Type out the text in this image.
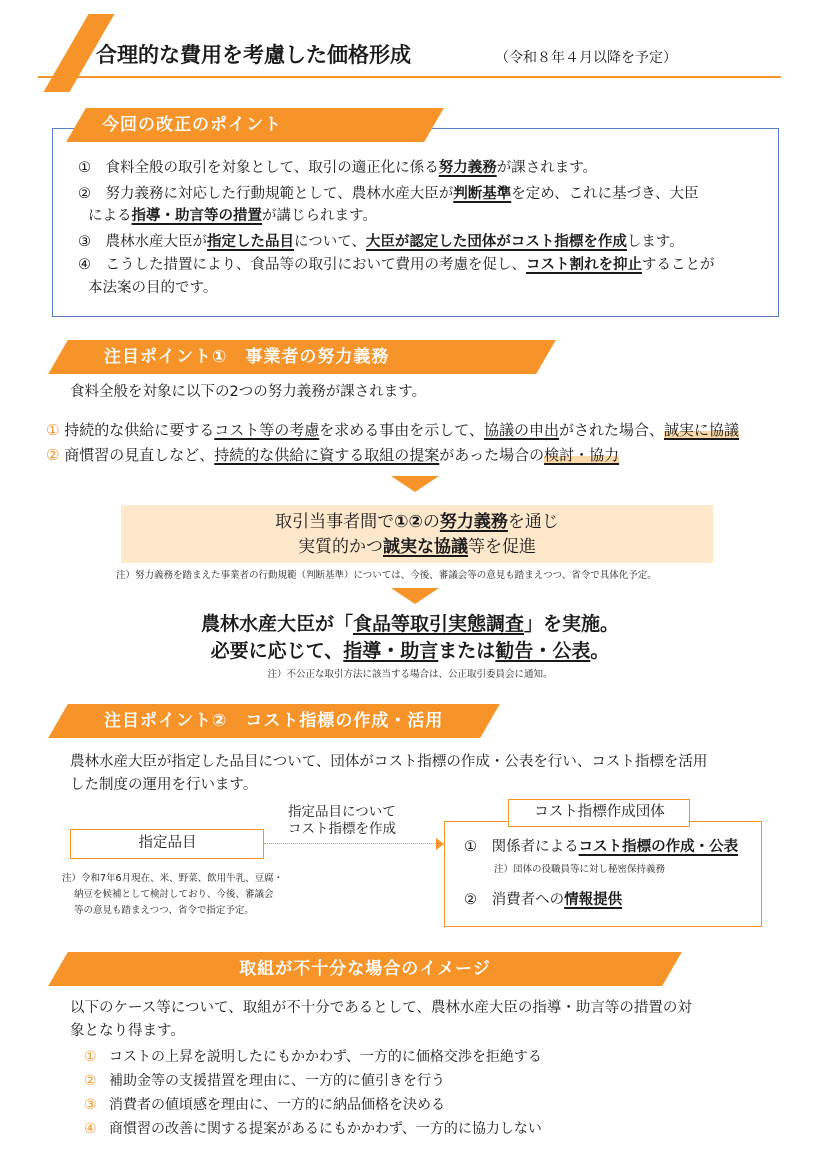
合理的な費用を考慮した価格形成	（令和８年４月以降を予定）
今回の改正のポイント
①　食料全般の取引を対象として、取引の適正化に係る努力義務が課されます。
②　努力義務に対応した行動規範として、農林水産大臣が判断基準を定め、これに基づき、大臣
による指導・助言等の措置が講じられます。
③　農林水産大臣が指定した品目について、大臣が認定した団体がコスト指標を作成します。
④　こうした措置により、食品等の取引において費用の考慮を促し、コスト割れを抑止することが
本法案の目的です。
注目ポイント①　事業者の努力義務
食料全般を対象に以下の2つの努力義務が課されます。
① 持続的な供給に要するコスト等の考慮を求める事由を示して、協議の申出がされた場合、誠実に協議
② 商慣習の見直しなど、持続的な供給に資する取組の提案があった場合の検討・協力
取引当事者間で①②の努力義務を通じ
実質的かつ誠実な協議等を促進
注）努力義務を踏まえた事業者の行動規範（判断基準）については、今後、審議会等の意見も踏まえつつ、省令で具体化予定。
農林水産大臣が「食品等取引実態調査」を実施。
必要に応じて、指導・助言または勧告・公表。
注）不公正な取引方法に該当する場合は、公正取引委員会に通知。
注目ポイント②　コスト指標の作成・活用
農林水産大臣が指定した品目について、団体がコスト指標の作成・公表を行い、コスト指標を活用
した制度の運用を行います。
指定品目
指定品目について
コスト指標を作成
注）令和7年6月現在、米、野菜、飲用牛乳、豆腐・
納豆を候補として検討しており、今後、審議会
等の意見も踏まえつつ、省令で指定予定。
コスト指標作成団体
① 関係者によるコスト指標の作成・公表
注）団体の役職員等に対し秘密保持義務
② 消費者への情報提供
取組が不十分な場合のイメージ
以下のケース等について、取組が不十分であるとして、農林水産大臣の指導・助言等の措置の対
象となり得ます。
① コストの上昇を説明したにもかかわず、一方的に価格交渉を拒絶する
② 補助金等の支援措置を理由に、一方的に値引きを行う
③ 消費者の値頃感を理由に、一方的に納品価格を決める
④ 商慣習の改善に関する提案があるにもかかわず、一方的に協力しない
